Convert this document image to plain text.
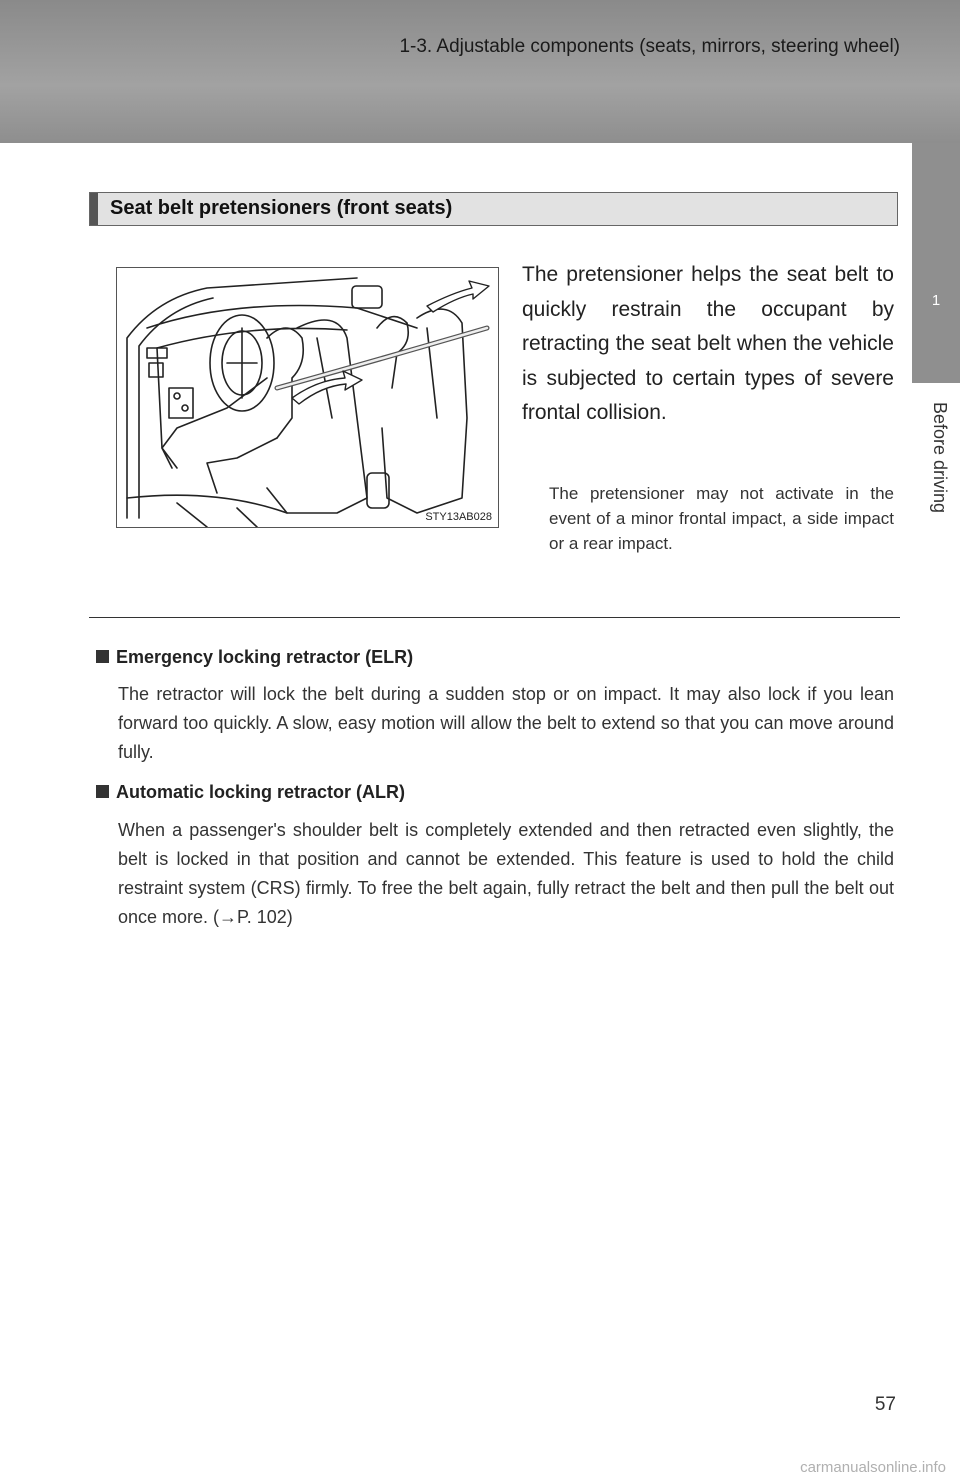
1-3. Adjustable components (seats, mirrors, steering wheel)
1
Before driving
Seat belt pretensioners (front seats)
STY13AB028
The pretensioner helps the seat belt to quickly restrain the occupant by retracting the seat belt when the vehicle is subjected to certain types of severe frontal collision.
The pretensioner may not activate in the event of a minor frontal impact, a side impact or a rear impact.
Emergency locking retractor (ELR)
The retractor will lock the belt during a sudden stop or on impact. It may also lock if you lean forward too quickly. A slow, easy motion will allow the belt to extend so that you can move around fully.
Automatic locking retractor (ALR)
When a passenger's shoulder belt is completely extended and then retracted even slightly, the belt is locked in that position and cannot be extended. This feature is used to hold the child restraint system (CRS) firmly. To free the belt again, fully retract the belt and then pull the belt out once more. (→P. 102)
57
carmanualsonline.info
